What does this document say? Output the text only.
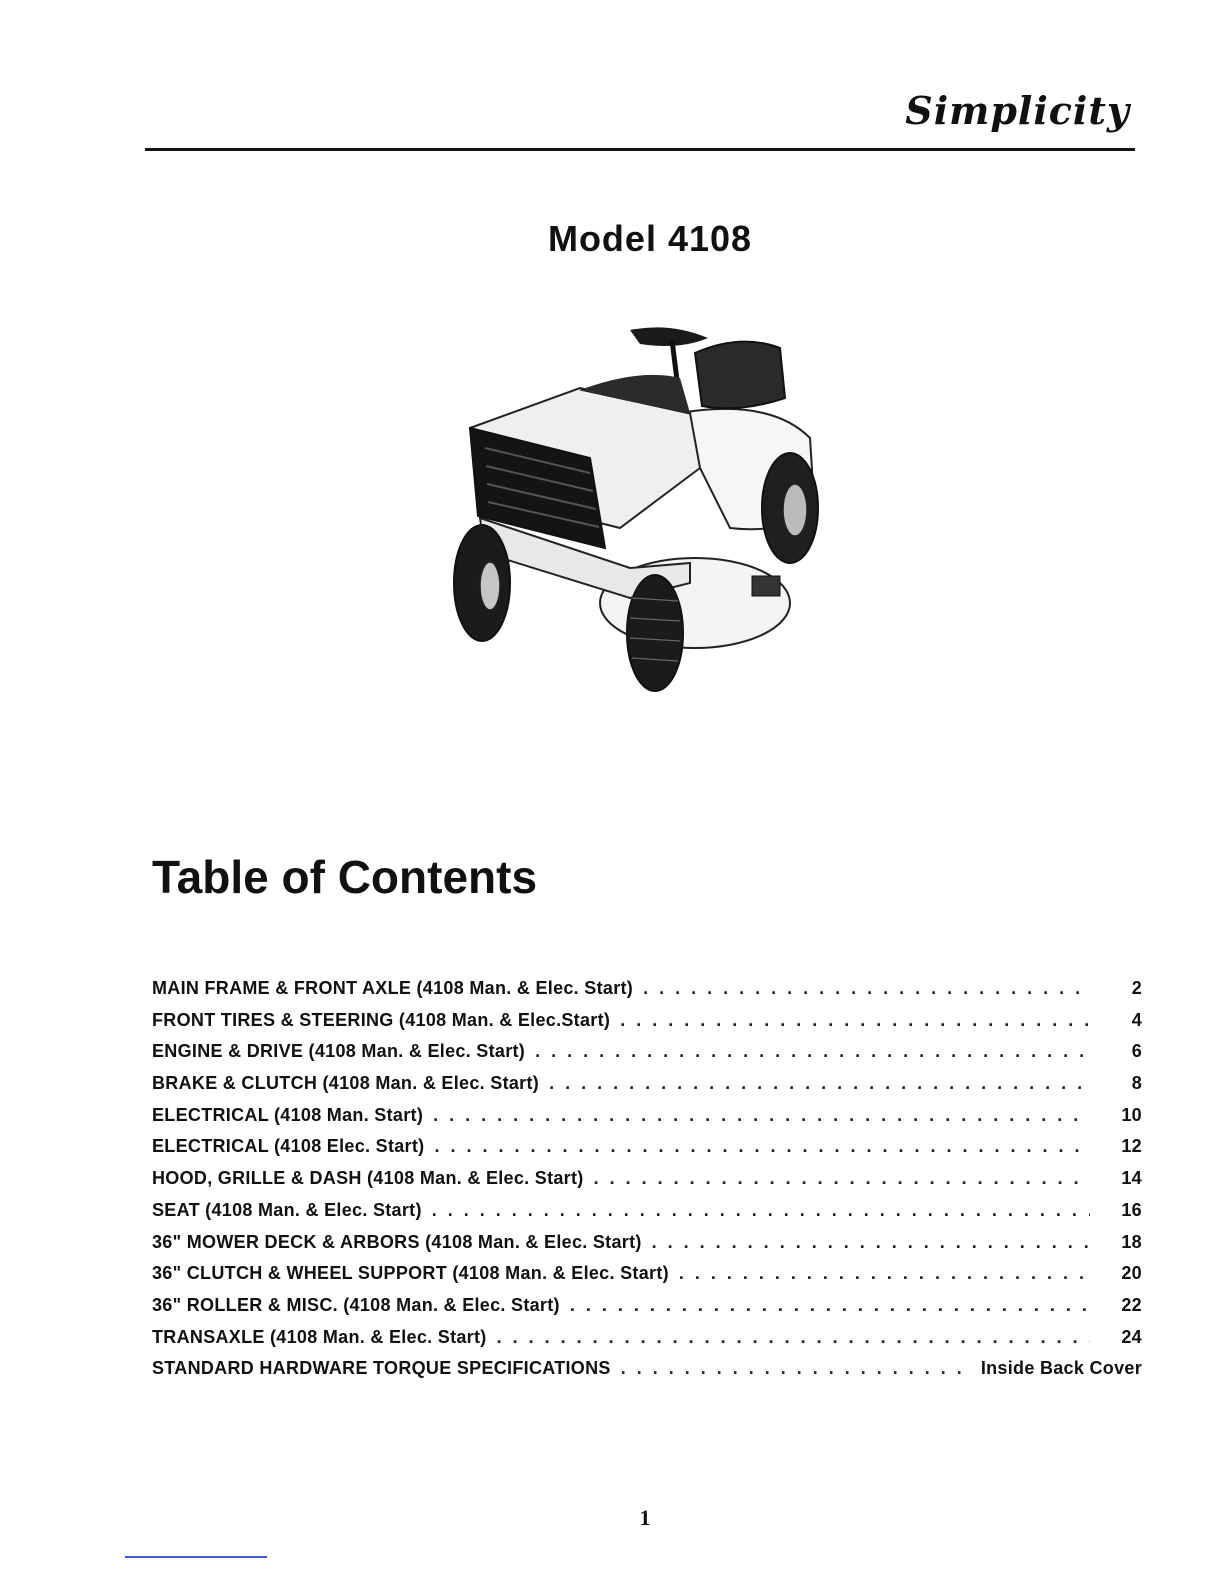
Simplicity
Model 4108
Table of Contents
MAIN FRAME & FRONT AXLE (4108 Man. & Elec. Start) . . .	2
FRONT TIRES & STEERING (4108 Man. & Elec.Start) . . .	4
ENGINE & DRIVE (4108 Man. & Elec. Start) . . .	6
BRAKE & CLUTCH (4108 Man. & Elec. Start) . . .	8
ELECTRICAL (4108 Man. Start) . . .	10
ELECTRICAL (4108 Elec. Start) . . .	12
HOOD, GRILLE & DASH (4108 Man. & Elec. Start) . . .	14
SEAT (4108 Man. & Elec. Start) . . .	16
36" MOWER DECK & ARBORS (4108 Man. & Elec. Start) . . .	18
36" CLUTCH & WHEEL SUPPORT (4108 Man. & Elec. Start) . . .	20
36" ROLLER & MISC. (4108 Man. & Elec. Start) . . .	22
TRANSAXLE (4108 Man. & Elec. Start) . . .	24
STANDARD HARDWARE TORQUE SPECIFICATIONS . . .	Inside Back Cover
1
